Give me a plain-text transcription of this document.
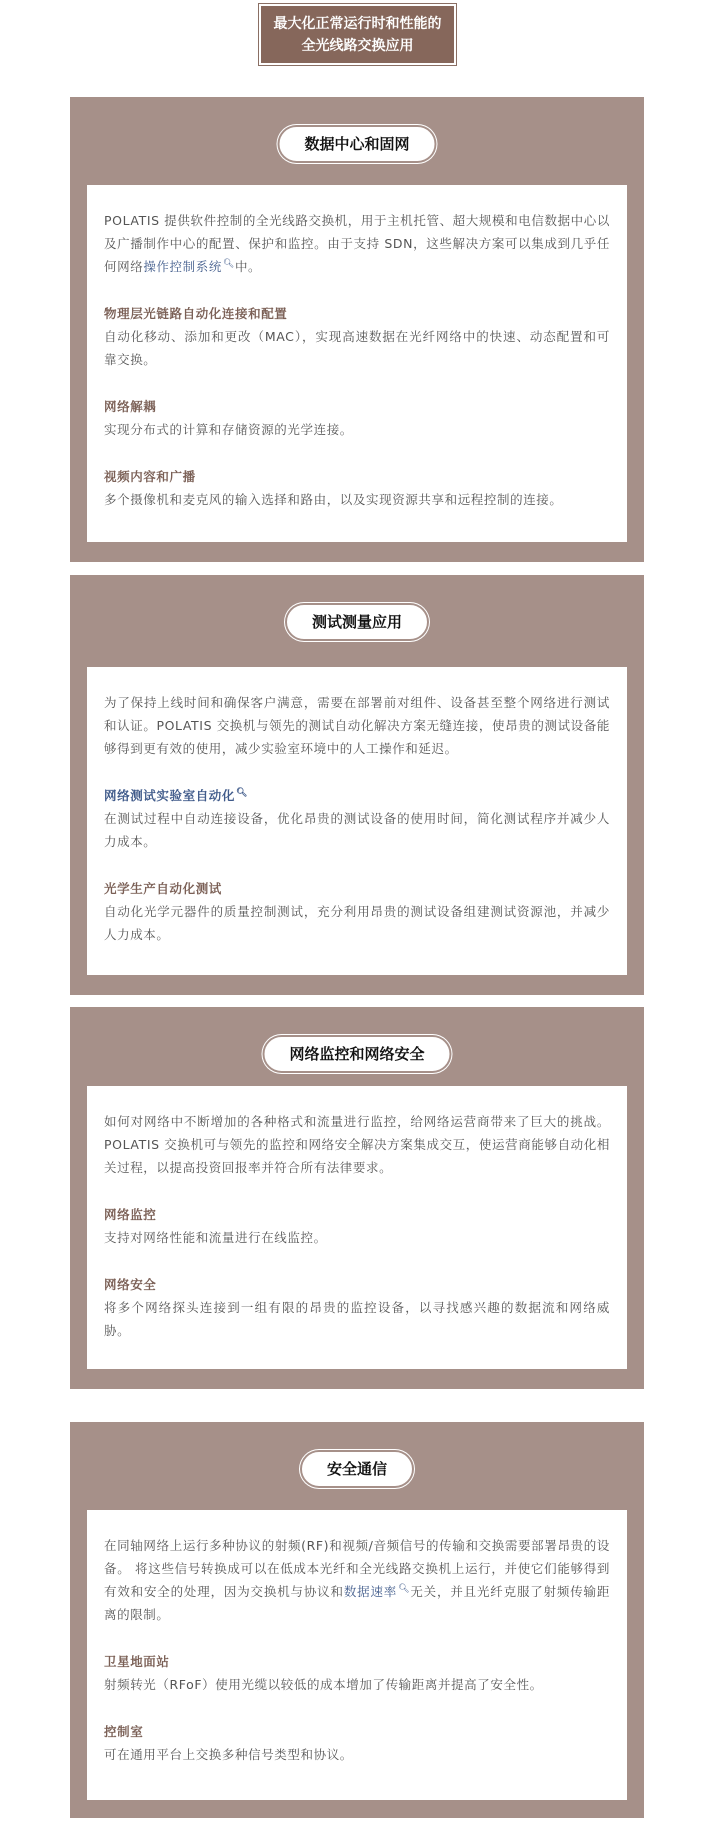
最大化正常运行时和性能的
全光线路交换应用
数据中心和固网

POLATIS 提供软件控制的全光线路交换机，用于主机托管、超大规模和电信数据中心以及广播制作中心的配置、保护和监控。由于支持 SDN，这些解决方案可以集成到几乎任何网络操作控制系统🔍︎中。

物理层光链路自动化连接和配置

自动化移动、添加和更改（MAC），实现高速数据在光纤网络中的快速、动态配置和可靠交换。

网络解耦

实现分布式的计算和存储资源的光学连接。

视频内容和广播

多个摄像机和麦克风的输入选择和路由，以及实现资源共享和远程控制的连接。

测试测量应用

为了保持上线时间和确保客户满意，需要在部署前对组件、设备甚至整个网络进行测试和认证。POLATIS 交换机与领先的测试自动化解决方案无缝连接，使昂贵的测试设备能够得到更有效的使用，减少实验室环境中的人工操作和延迟。

网络测试实验室自动化🔍︎

在测试过程中自动连接设备，优化昂贵的测试设备的使用时间，简化测试程序并减少人力成本。

光学生产自动化测试

自动化光学元器件的质量控制测试，充分利用昂贵的测试设备组建测试资源池，并减少人力成本。

网络监控和网络安全

如何对网络中不断增加的各种格式和流量进行监控，给网络运营商带来了巨大的挑战。POLATIS 交换机可与领先的监控和网络安全解决方案集成交互，使运营商能够自动化相关过程，以提高投资回报率并符合所有法律要求。

网络监控

支持对网络性能和流量进行在线监控。

网络安全

将多个网络探头连接到一组有限的昂贵的监控设备，以寻找感兴趣的数据流和网络威胁。

安全通信

在同轴网络上运行多种协议的射频(RF)和视频/音频信号的传输和交换需要部署昂贵的设备。 将这些信号转换成可以在低成本光纤和全光线路交换机上运行，并使它们能够得到有效和安全的处理，因为交换机与协议和数据速率🔍︎无关，并且光纤克服了射频传输距离的限制。

卫星地面站

射频转光（RFoF）使用光缆以较低的成本增加了传输距离并提高了安全性。

控制室

可在通用平台上交换多种信号类型和协议。
